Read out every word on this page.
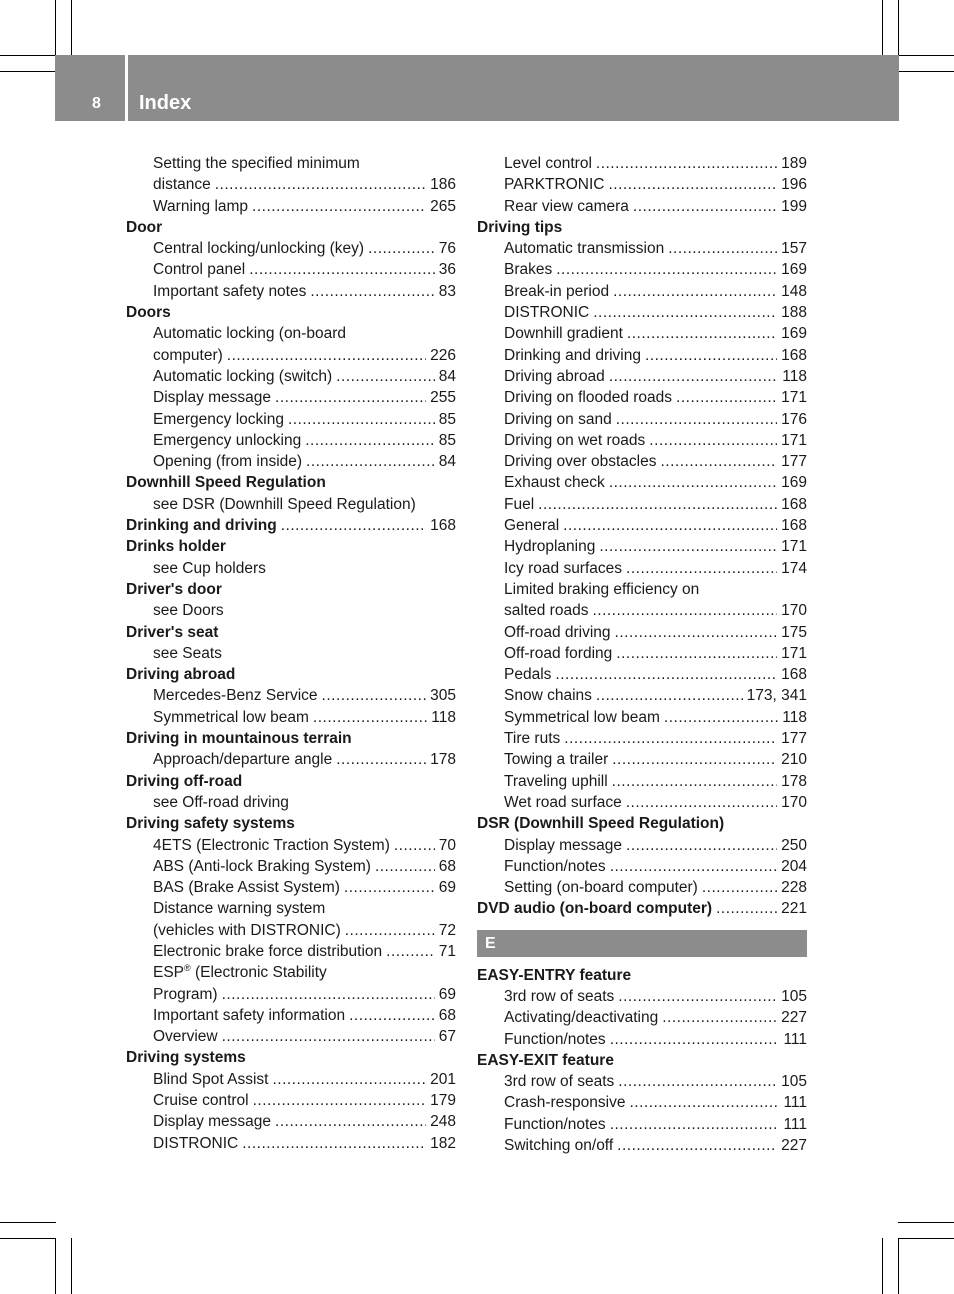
8 Index
Setting the specified minimum
distance .....	186
Warning lamp .....	265
Door
Central locking/unlocking (key) .....	76
Control panel .....	36
Important safety notes .....	83
Doors
Automatic locking (on-board
computer) .....	226
Automatic locking (switch) .....	84
Display message .....	255
Emergency locking .....	85
Emergency unlocking .....	85
Opening (from inside) .....	84
Downhill Speed Regulation
see DSR (Downhill Speed Regulation)
Drinking and driving .....	168
Drinks holder
see Cup holders
Driver's door
see Doors
Driver's seat
see Seats
Driving abroad
Mercedes-Benz Service .....	305
Symmetrical low beam .....	118
Driving in mountainous terrain
Approach/departure angle .....	178
Driving off-road
see Off-road driving
Driving safety systems
4ETS (Electronic Traction System) .....	70
ABS (Anti-lock Braking System) .....	68
BAS (Brake Assist System) .....	69
Distance warning system
(vehicles with DISTRONIC) .....	72
Electronic brake force distribution .....	71
ESP® (Electronic Stability
Program) .....	69
Important safety information .....	68
Overview .....	67
Driving systems
Blind Spot Assist .....	201
Cruise control .....	179
Display message .....	248
DISTRONIC .....	182
Level control .....	189
PARKTRONIC .....	196
Rear view camera .....	199
Driving tips
Automatic transmission .....	157
Brakes .....	169
Break-in period .....	148
DISTRONIC .....	188
Downhill gradient .....	169
Drinking and driving .....	168
Driving abroad .....	118
Driving on flooded roads .....	171
Driving on sand .....	176
Driving on wet roads .....	171
Driving over obstacles .....	177
Exhaust check .....	169
Fuel .....	168
General .....	168
Hydroplaning .....	171
Icy road surfaces .....	174
Limited braking efficiency on
salted roads .....	170
Off-road driving .....	175
Off-road fording .....	171
Pedals .....	168
Snow chains .....	173, 341
Symmetrical low beam .....	118
Tire ruts .....	177
Towing a trailer .....	210
Traveling uphill .....	178
Wet road surface .....	170
DSR (Downhill Speed Regulation)
Display message .....	250
Function/notes .....	204
Setting (on-board computer) .....	228
DVD audio (on-board computer) .....	221
E
EASY-ENTRY feature
3rd row of seats .....	105
Activating/deactivating .....	227
Function/notes .....	111
EASY-EXIT feature
3rd row of seats .....	105
Crash-responsive .....	111
Function/notes .....	111
Switching on/off .....	227
